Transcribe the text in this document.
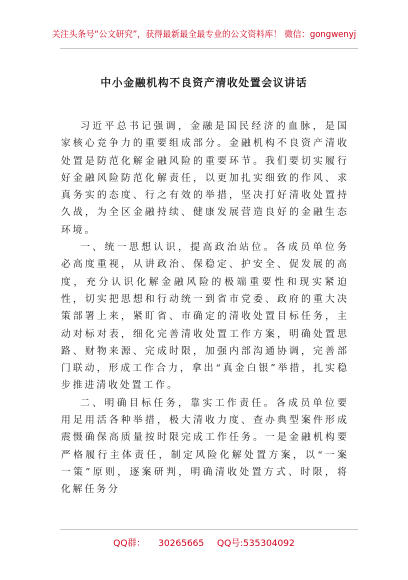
关注头条号“公文研究”，获得最新最全最专业的公文资料库！ 微信：gongwenyj
中小金融机构不良资产清收处置会议讲话

习近平总书记强调，金融是国民经济的血脉，是国家核心竞争力的重要组成部分。金融机构不良资产清收处置是防范化解金融风险的重要环节。我们要切实履行好金融风险防范化解责任，以更加扎实细致的作风、求真务实的态度、行之有效的举措，坚决打好清收处置持久战，为全区金融持续、健康发展营造良好的金融生态环境。

一、统一思想认识，提高政治站位。各成员单位务必高度重视，从讲政治、保稳定、护安全、促发展的高度，充分认识化解金融风险的极端重要性和现实紧迫性，切实把思想和行动统一到省市党委、政府的重大决策部署上来，紧盯省、市确定的清收处置目标任务，主动对标对表，细化完善清收处置工作方案，明确处置思路、财物来源、完成时限，加强内部沟通协调，完善部门联动，形成工作合力，拿出“真金白银”举措，扎实稳步推进清收处置工作。

二、明确目标任务，靠实工作责任。各成员单位要用足用活各种举措，极大清收力度、查办典型案件形成震慑确保高质量按时限完成工作任务。一是金融机构要严格履行主体责任，制定风险化解处置方案，以“一案一策”原则，逐案研判，明确清收处置方式、时限，将化解任务分

QQ群： 30265665 QQ号:535304092
